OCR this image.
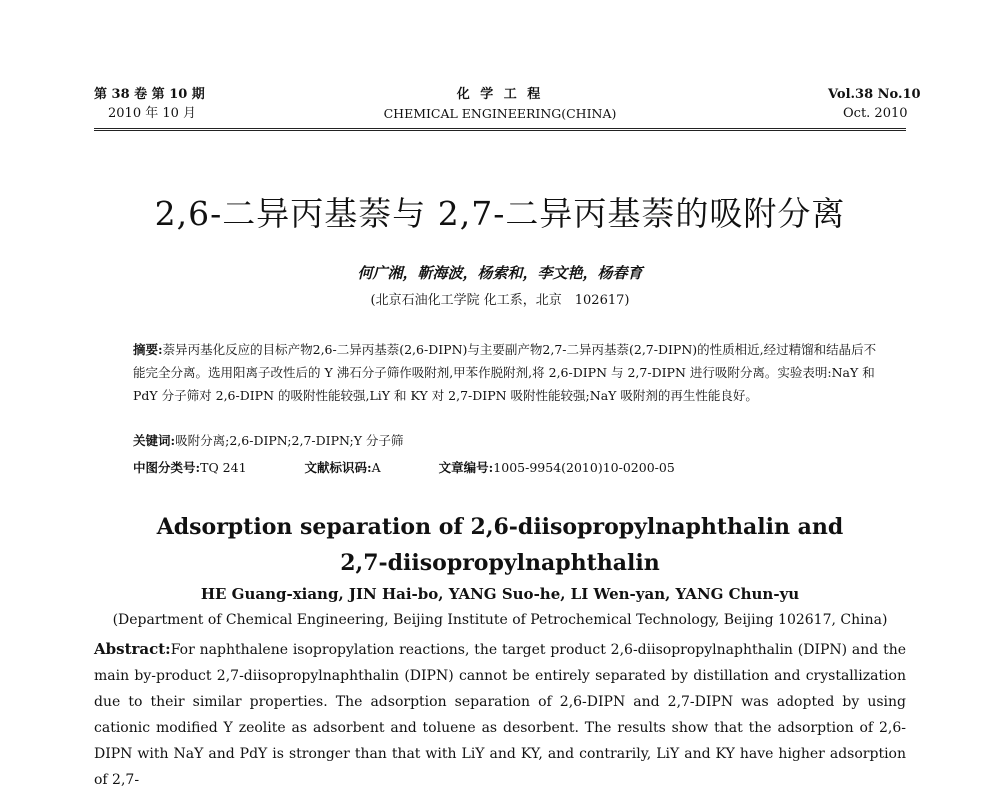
第 38 卷 第 10 期
2010 年 10 月
化 学 工 程
CHEMICAL ENGINEERING(CHINA)
Vol.38 No.10
Oct. 2010
2,6-二异丙基萘与 2,7-二异丙基萘的吸附分离
何广湘，靳海波，杨索和，李文艳，杨春育
(北京石油化工学院 化工系，北京　102617)
摘要:萘异丙基化反应的目标产物2,6-二异丙基萘(2,6-DIPN)与主要副产物2,7-二异丙基萘(2,7-DIPN)的性质相近,经过精馏和结晶后不能完全分离。选用阳离子改性后的 Y 沸石分子筛作吸附剂,甲苯作脱附剂,将 2,6-DIPN 与 2,7-DIPN 进行吸附分离。实验表明:NaY 和 PdY 分子筛对 2,6-DIPN 的吸附性能较强,LiY 和 KY 对 2,7-DIPN 吸附性能较强;NaY 吸附剂的再生性能良好。
关键词:吸附分离;2,6-DIPN;2,7-DIPN;Y 分子筛
中图分类号:TQ 241	文献标识码:A	文章编号:1005-9954(2010)10-0200-05
Adsorption separation of 2,6-diisopropylnaphthalin and
2,7-diisopropylnaphthalin
HE Guang-xiang, JIN Hai-bo, YANG Suo-he, LI Wen-yan, YANG Chun-yu
(Department of Chemical Engineering, Beijing Institute of Petrochemical Technology, Beijing 102617, China)
Abstract:For naphthalene isopropylation reactions, the target product 2,6-diisopropylnaphthalin (DIPN) and the main by-product 2,7-diisopropylnaphthalin (DIPN) cannot be entirely separated by distillation and crystallization due to their similar properties. The adsorption separation of 2,6-DIPN and 2,7-DIPN was adopted by using cationic modified Y zeolite as adsorbent and toluene as desorbent. The results show that the adsorption of 2,6-DIPN with NaY and PdY is stronger than that with LiY and KY, and contrarily, LiY and KY have higher adsorption of 2,7-
